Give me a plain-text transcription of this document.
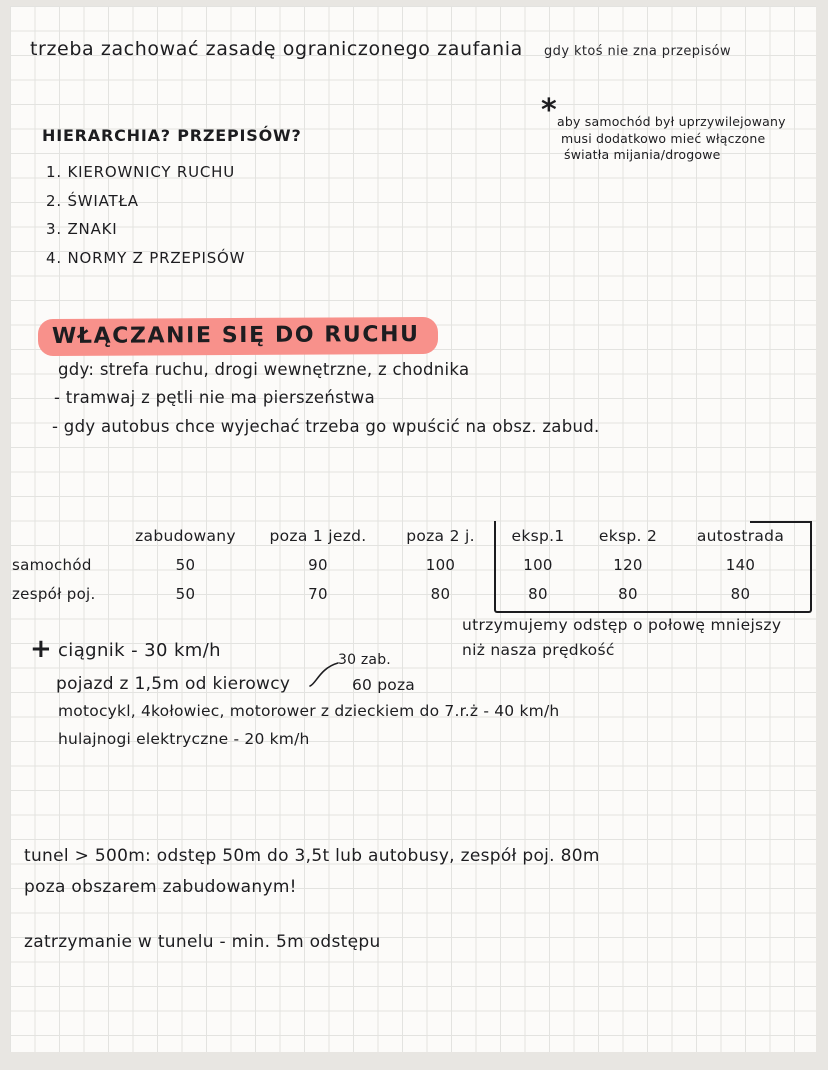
trzeba zachować zasadę ograniczonego zaufania gdy ktoś nie zna przepisów
* aby samochód był uprzywilejowany
musi dodatkowo mieć włączone
światła mijania/drogowe
HIERARCHIA? PRZEPISÓW?
1. KIEROWNICY RUCHU
2. ŚWIATŁA
3. ZNAKI
4. NORMY Z PRZEPISÓW
WŁĄCZANIE SIĘ DO RUCHU
gdy: strefa ruchu, drogi wewnętrzne, z chodnika
- tramwaj z pętli nie ma pierszeństwa
- gdy autobus chce wyjechać trzeba go wpuścić na obsz. zabud.
zabudowany	poza 1 jezd.	poza 2 j.	eksp.1	eksp. 2	autostrada
samochód	50	90	100	100	120	140
zespół poj.	50	70	80	80	80	80
utrzymujemy odstęp o połowę mniejszy
niż nasza prędkość
+ ciągnik - 30 km/h	30 zab.
pojazd z 1,5m od kierowcy	60 poza
motocykl, 4kołowiec, motorower z dzieckiem do 7.r.ż - 40 km/h
hulajnogi elektryczne - 20 km/h
tunel > 500m: odstęp 50m do 3,5t lub autobusy, zespół poj. 80m
poza obszarem zabudowanym!
zatrzymanie w tunelu - min. 5m odstępu
